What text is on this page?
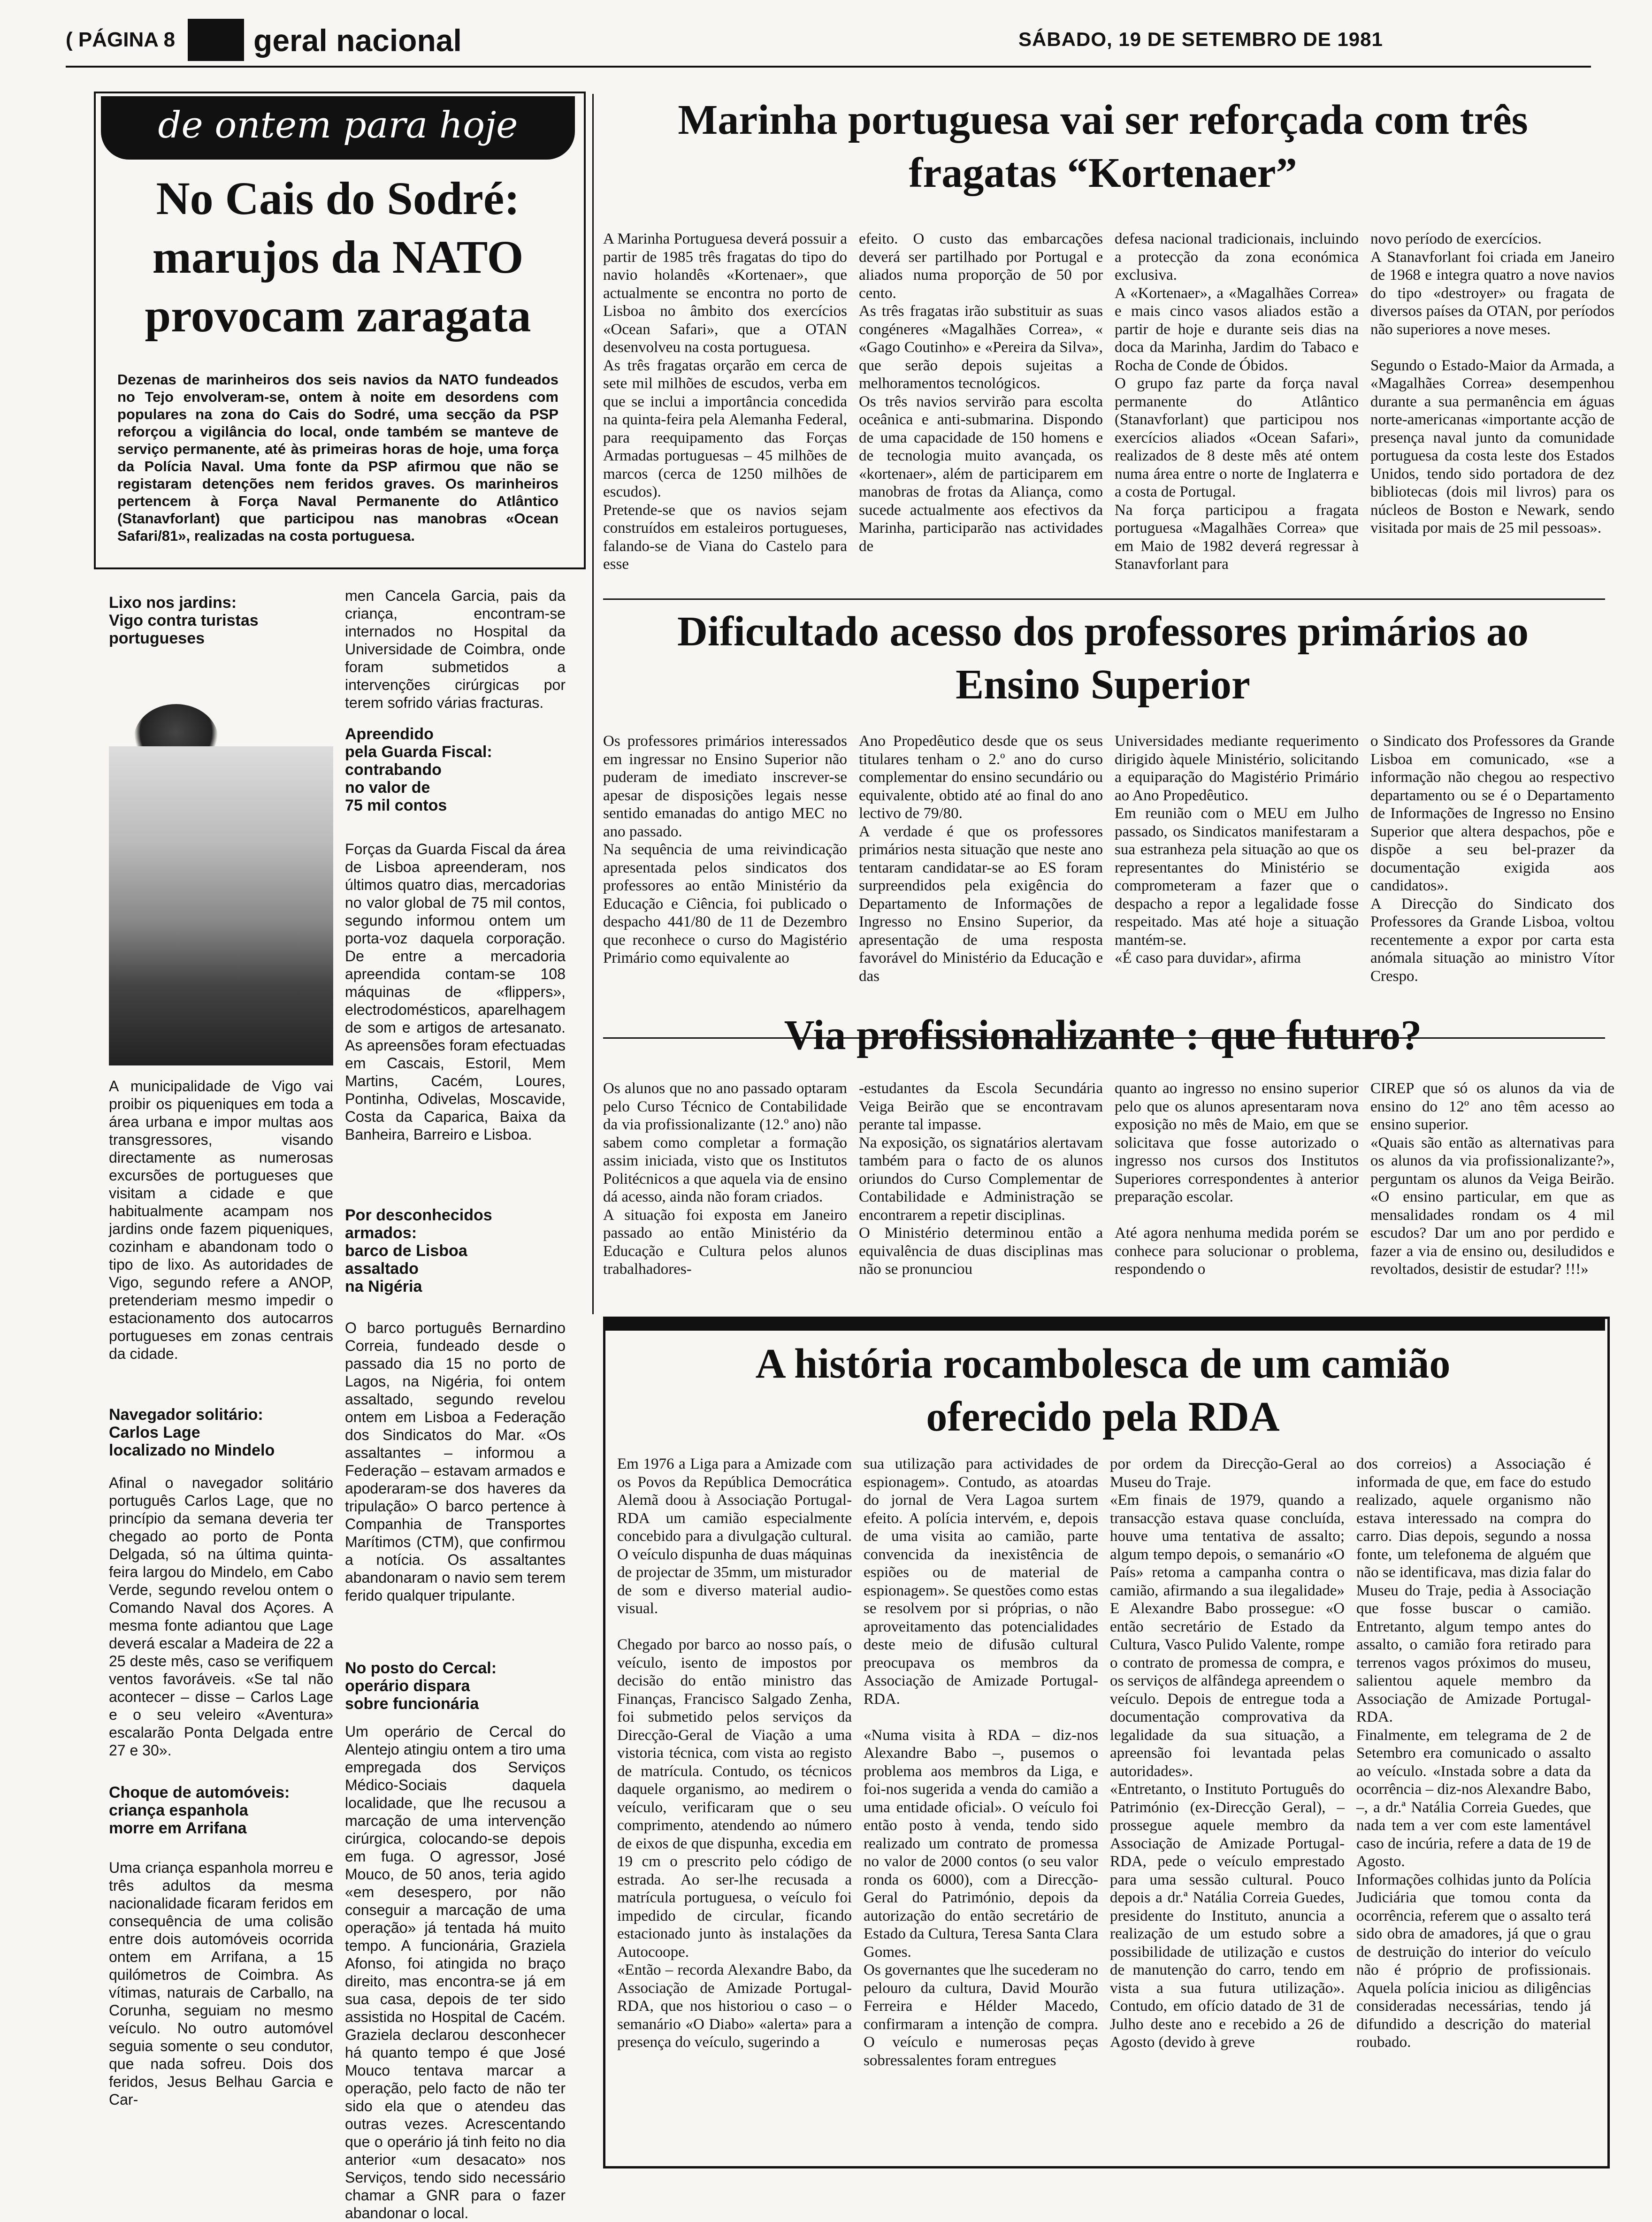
( PÁGINA 8	geral nacional	SÁBADO, 19 DE SETEMBRO DE 1981
de ontem para hoje
No Cais do Sodré: marujos da NATO provocam zaragata
Dezenas de marinheiros dos seis navios da NATO fundeados no Tejo envolveram-se, ontem à noite em desordens com populares na zona do Cais do Sodré, uma secção da PSP reforçou a vigilância do local, onde também se manteve de serviço permanente, até às primeiras horas de hoje, uma força da Polícia Naval. Uma fonte da PSP afirmou que não se registaram detenções nem feridos graves. Os marinheiros pertencem à Força Naval Permanente do Atlântico (Stanavforlant) que participou nas manobras «Ocean Safari/81», realizadas na costa portuguesa.
Lixo nos jardins:
Vigo contra turistas
portugueses
A municipalidade de Vigo vai proibir os piqueniques em toda a área urbana e impor multas aos transgressores, visando directamente as numerosas excursões de portugueses que visitam a cidade e que habitualmente acampam nos jardins onde fazem piqueniques, cozinham e abandonam todo o tipo de lixo. As autoridades de Vigo, segundo refere a ANOP, pretenderiam mesmo impedir o estacionamento dos autocarros portugueses em zonas centrais da cidade.
Navegador solitário:
Carlos Lage
localizado no Mindelo
Afinal o navegador solitário português Carlos Lage, que no princípio da semana deveria ter chegado ao porto de Ponta Delgada, só na última quinta-feira largou do Mindelo, em Cabo Verde, segundo revelou ontem o Comando Naval dos Açores. A mesma fonte adiantou que Lage deverá escalar a Madeira de 22 a 25 deste mês, caso se verifiquem ventos favoráveis. «Se tal não acontecer – disse – Carlos Lage e o seu veleiro «Aventura» escalarão Ponta Delgada entre 27 e 30».
Choque de automóveis:
criança espanhola
morre em Arrifana
Uma criança espanhola morreu e três adultos da mesma nacionalidade ficaram feridos em consequência de uma colisão entre dois automóveis ocorrida ontem em Arrifana, a 15 quilómetros de Coimbra. As vítimas, naturais de Carballo, na Corunha, seguiam no mesmo veículo. No outro automóvel seguia somente o seu condutor, que nada sofreu. Dois dos feridos, Jesus Belhau Garcia e Car-
men Cancela Garcia, pais da criança, encontram-se internados no Hospital da Universidade de Coimbra, onde foram submetidos a intervenções cirúrgicas por terem sofrido várias fracturas.
Apreendido
pela Guarda Fiscal:
contrabando
no valor de
75 mil contos
Forças da Guarda Fiscal da área de Lisboa apreenderam, nos últimos quatro dias, mercadorias no valor global de 75 mil contos, segundo informou ontem um porta-voz daquela corporação. De entre a mercadoria apreendida contam-se 108 máquinas de «flippers», electrodomésticos, aparelhagem de som e artigos de artesanato. As apreensões foram efectuadas em Cascais, Estoril, Mem Martins, Cacém, Loures, Pontinha, Odivelas, Moscavide, Costa da Caparica, Baixa da Banheira, Barreiro e Lisboa.
Por desconhecidos
armados:
barco de Lisboa
assaltado
na Nigéria
O barco português Bernardino Correia, fundeado desde o passado dia 15 no porto de Lagos, na Nigéria, foi ontem assaltado, segundo revelou ontem em Lisboa a Federação dos Sindicatos do Mar. «Os assaltantes – informou a Federação – estavam armados e apoderaram-se dos haveres da tripulação» O barco pertence à Companhia de Transportes Marítimos (CTM), que confirmou a notícia. Os assaltantes abandonaram o navio sem terem ferido qualquer tripulante.
No posto do Cercal:
operário dispara
sobre funcionária
Um operário de Cercal do Alentejo atingiu ontem a tiro uma empregada dos Serviços Médico-Sociais daquela localidade, que lhe recusou a marcação de uma intervenção cirúrgica, colocando-se depois em fuga. O agressor, José Mouco, de 50 anos, teria agido «em desespero, por não conseguir a marcação de uma operação» já tentada há muito tempo. A funcionária, Graziela Afonso, foi atingida no braço direito, mas encontra-se já em sua casa, depois de ter sido assistida no Hospital de Cacém. Graziela declarou desconhecer há quanto tempo é que José Mouco tentava marcar a operação, pelo facto de não ter sido ela que o atendeu das outras vezes. Acrescentando que o operário já tinh feito no dia anterior «um desacato» nos Serviços, tendo sido necessário chamar a GNR para o fazer abandonar o local.
Marinha portuguesa vai ser reforçada com três fragatas “Kortenaer”
A Marinha Portuguesa deverá possuir a partir de 1985 três fragatas do tipo do navio holandês «Kortenaer», que actualmente se encontra no porto de Lisboa no âmbito dos exercícios «Ocean Safari», que a OTAN desenvolveu na costa portuguesa.
As três fragatas orçarão em cerca de sete mil milhões de escudos, verba em que se inclui a importância concedida na quinta-feira pela Alemanha Federal, para reequipamento das Forças Armadas portuguesas – 45 milhões de marcos (cerca de 1250 milhões de escudos).
Pretende-se que os navios sejam construídos em estaleiros portugueses, falando-se de Viana do Castelo para esse
efeito. O custo das embarcações deverá ser partilhado por Portugal e aliados numa proporção de 50 por cento.
As três fragatas irão substituir as suas congéneres «Magalhães Correa», « «Gago Coutinho» e «Pereira da Silva», que serão depois sujeitas a melhoramentos tecnológicos.
Os três navios servirão para escolta oceânica e anti-submarina. Dispondo de uma capacidade de 150 homens e de tecnologia muito avançada, os «kortenaer», além de participarem em manobras de frotas da Aliança, como sucede actualmente aos efectivos da Marinha, participarão nas actividades de
defesa nacional tradicionais, incluindo a protecção da zona económica exclusiva.
A «Kortenaer», a «Magalhães Correa» e mais cinco vasos aliados estão a partir de hoje e durante seis dias na doca da Marinha, Jardim do Tabaco e Rocha de Conde de Óbidos.
O grupo faz parte da força naval permanente do Atlântico (Stanavforlant) que participou nos exercícios aliados «Ocean Safari», realizados de 8 deste mês até ontem numa área entre o norte de Inglaterra e a costa de Portugal.
Na força participou a fragata portuguesa «Magalhães Correa» que em Maio de 1982 deverá regressar à Stanavforlant para
novo período de exercícios.
A Stanavforlant foi criada em Janeiro de 1968 e integra quatro a nove navios do tipo «destroyer» ou fragata de diversos países da OTAN, por períodos não superiores a nove meses.

Segundo o Estado-Maior da Armada, a «Magalhães Correa» desempenhou durante a sua permanência em águas norte-americanas «importante acção de presença naval junto da comunidade portuguesa da costa leste dos Estados Unidos, tendo sido portadora de dez bibliotecas (dois mil livros) para os núcleos de Boston e Newark, sendo visitada por mais de 25 mil pessoas».
Dificultado acesso dos professores primários ao Ensino Superior
Os professores primários interessados em ingressar no Ensino Superior não puderam de imediato inscrever-se apesar de disposições legais nesse sentido emanadas do antigo MEC no ano passado.
Na sequência de uma reivindicação apresentada pelos sindicatos dos professores ao então Ministério da Educação e Ciência, foi publicado o despacho 441/80 de 11 de Dezembro que reconhece o curso do Magistério Primário como equivalente ao
Ano Propedêutico desde que os seus titulares tenham o 2.º ano do curso complementar do ensino secundário ou equivalente, obtido até ao final do ano lectivo de 79/80.
A verdade é que os professores primários nesta situação que neste ano tentaram candidatar-se ao ES foram surpreendidos pela exigência do Departamento de Informações de Ingresso no Ensino Superior, da apresentação de uma resposta favorável do Ministério da Educação e das
Universidades mediante requerimento dirigido àquele Ministério, solicitando a equiparação do Magistério Primário ao Ano Propedêutico.
Em reunião com o MEU em Julho passado, os Sindicatos manifestaram a sua estranheza pela situação ao que os representantes do Ministério se comprometeram a fazer que o despacho a repor a legalidade fosse respeitado. Mas até hoje a situação mantém-se.
«É caso para duvidar», afirma
o Sindicato dos Professores da Grande Lisboa em comunicado, «se a informação não chegou ao respectivo departamento ou se é o Departamento de Informações de Ingresso no Ensino Superior que altera despachos, põe e dispõe a seu bel-prazer da documentação exigida aos candidatos».
A Direcção do Sindicato dos Professores da Grande Lisboa, voltou recentemente a expor por carta esta anómala situação ao ministro Vítor Crespo.
Via profissionalizante : que futuro?
Os alunos que no ano passado optaram pelo Curso Técnico de Contabilidade da via profissionalizante (12.º ano) não sabem como completar a formação assim iniciada, visto que os Institutos Politécnicos a que aquela via de ensino dá acesso, ainda não foram criados.
A situação foi exposta em Janeiro passado ao então Ministério da Educação e Cultura pelos alunos trabalhadores-
-estudantes da Escola Secundária Veiga Beirão que se encontravam perante tal impasse.
Na exposição, os signatários alertavam também para o facto de os alunos oriundos do Curso Complementar de Contabilidade e Administração se encontrarem a repetir disciplinas.
O Ministério determinou então a equivalência de duas disciplinas mas não se pronunciou
quanto ao ingresso no ensino superior pelo que os alunos apresentaram nova exposição no mês de Maio, em que se solicitava que fosse autorizado o ingresso nos cursos dos Institutos Superiores correspondentes à anterior preparação escolar.

Até agora nenhuma medida porém se conhece para solucionar o problema, respondendo o
CIREP que só os alunos da via de ensino do 12º ano têm acesso ao ensino superior.
«Quais são então as alternativas para os alunos da via profissionalizante?», perguntam os alunos da Veiga Beirão. «O ensino particular, em que as mensalidades rondam os 4 mil escudos? Dar um ano por perdido e fazer a via de ensino ou, desiludidos e revoltados, desistir de estudar? !!!»
A história rocambolesca de um camião oferecido pela RDA
Em 1976 a Liga para a Amizade com os Povos da República Democrática Alemã doou à Associação Portugal-RDA um camião especialmente concebido para a divulgação cultural. O veículo dispunha de duas máquinas de projectar de 35mm, um misturador de som e diverso material audio-visual.

Chegado por barco ao nosso país, o veículo, isento de impostos por decisão do então ministro das Finanças, Francisco Salgado Zenha, foi submetido pelos serviços da Direcção-Geral de Viação a uma vistoria técnica, com vista ao registo de matrícula. Contudo, os técnicos daquele organismo, ao medirem o veículo, verificaram que o seu comprimento, atendendo ao número de eixos de que dispunha, excedia em 19 cm o prescrito pelo código de estrada. Ao ser-lhe recusada a matrícula portuguesa, o veículo foi impedido de circular, ficando estacionado junto às instalações da Autocoope.
«Então – recorda Alexandre Babo, da Associação de Amizade Portugal-RDA, que nos historiou o caso – o semanário «O Diabo» «alerta» para a presença do veículo, sugerindo a
sua utilização para actividades de espionagem». Contudo, as atoardas do jornal de Vera Lagoa surtem efeito. A polícia intervém, e, depois de uma visita ao camião, parte convencida da inexistência de espiões ou de material de espionagem». Se questões como estas se resolvem por si próprias, o não aproveitamento das potencialidades deste meio de difusão cultural preocupava os membros da Associação de Amizade Portugal-RDA.

«Numa visita à RDA – diz-nos Alexandre Babo –, pusemos o problema aos membros da Liga, e foi-nos sugerida a venda do camião a uma entidade oficial». O veículo foi então posto à venda, tendo sido realizado um contrato de promessa no valor de 2000 contos (o seu valor ronda os 6000), com a Direcção-Geral do Património, depois da autorização do então secretário de Estado da Cultura, Teresa Santa Clara Gomes.
Os governantes que lhe sucederam no pelouro da cultura, David Mourão Ferreira e Hélder Macedo, confirmaram a intenção de compra. O veículo e numerosas peças sobressalentes foram entregues
por ordem da Direcção-Geral ao Museu do Traje.
«Em finais de 1979, quando a transacção estava quase concluída, houve uma tentativa de assalto; algum tempo depois, o semanário «O País» retoma a campanha contra o camião, afirmando a sua ilegalidade» E Alexandre Babo prossegue: «O então secretário de Estado da Cultura, Vasco Pulido Valente, rompe o contrato de promessa de compra, e os serviços de alfândega apreendem o veículo. Depois de entregue toda a documentação comprovativa da legalidade da sua situação, a apreensão foi levantada pelas autoridades».
«Entretanto, o Instituto Português do Património (ex-Direcção Geral), – prossegue aquele membro da Associação de Amizade Portugal-RDA, pede o veículo emprestado para uma sessão cultural. Pouco depois a dr.ª Natália Correia Guedes, presidente do Instituto, anuncia a realização de um estudo sobre a possibilidade de utilização e custos de manutenção do carro, tendo em vista a sua futura utilização». Contudo, em ofício datado de 31 de Julho deste ano e recebido a 26 de Agosto (devido à greve
dos correios) a Associação é informada de que, em face do estudo realizado, aquele organismo não estava interessado na compra do carro. Dias depois, segundo a nossa fonte, um telefonema de alguém que não se identificava, mas dizia falar do Museu do Traje, pedia à Associação que fosse buscar o camião. Entretanto, algum tempo antes do assalto, o camião fora retirado para terrenos vagos próximos do museu, salientou aquele membro da Associação de Amizade Portugal-RDA.
Finalmente, em telegrama de 2 de Setembro era comunicado o assalto ao veículo. «Instada sobre a data da ocorrência – diz-nos Alexandre Babo, –, a dr.ª Natália Correia Guedes, que nada tem a ver com este lamentável caso de incúria, refere a data de 19 de Agosto.
Informações colhidas junto da Polícia Judiciária que tomou conta da ocorrência, referem que o assalto terá sido obra de amadores, já que o grau de destruição do interior do veículo não é próprio de profissionais. Aquela polícia iniciou as diligências consideradas necessárias, tendo já difundido a descrição do material roubado.
